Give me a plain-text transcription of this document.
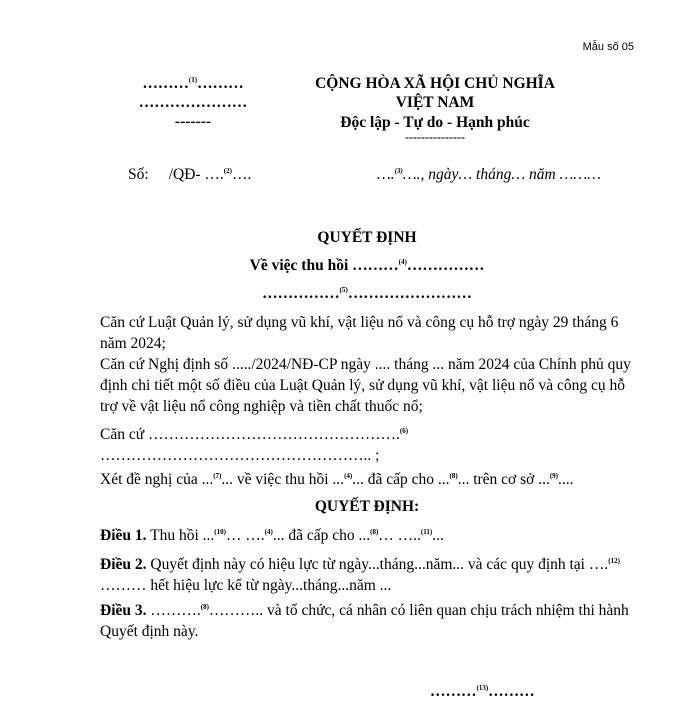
Mẫu số 05
………$^{(1)}$………
…………………
-------
CỘNG HÒA XÃ HỘI CHỦ NGHĨA VIỆT NAM
Độc lập - Tự do - Hạnh phúc
---------------
Số: /QĐ- ….$^{(2)}$….	….$^{(3)}$…., ngày… tháng… năm ………
QUYẾT ĐỊNH
Về việc thu hồi ………$^{(4)}$……………
……………$^{(5)}$……………………
Căn cứ Luật Quản lý, sử dụng vũ khí, vật liệu nổ và công cụ hỗ trợ ngày 29 tháng 6 năm 2024;
Căn cứ Nghị định số ...../2024/NĐ-CP ngày .... tháng ... năm 2024 của Chính phủ quy định chi tiết một số điều của Luật Quản lý, sử dụng vũ khí, vật liệu nổ và công cụ hỗ trợ về vật liệu nổ công nghiệp và tiền chất thuốc nổ;
Căn cứ ………………………………………….$^{(6)}$
…………………………………………….. ;
Xét đề nghị của ...$^{(7)}$... về việc thu hồi ...$^{(4)}$... đã cấp cho ...$^{(8)}$... trên cơ sở ...$^{(9)}$....
QUYẾT ĐỊNH:
Điều 1. Thu hồi ...$^{(10)}$… ….$^{(4)}$... đã cấp cho ...$^{(8)}$… …..$^{(11)}$...
Điều 2. Quyết định này có hiệu lực từ ngày...tháng...năm... và các quy định tại ….$^{(12)}$
……… hết hiệu lực kể từ ngày...tháng...năm ...
Điều 3. ……….$^{(8)}$……….. và tổ chức, cá nhân có liên quan chịu trách nhiệm thi hành Quyết định này.
………$^{(13)}$………
